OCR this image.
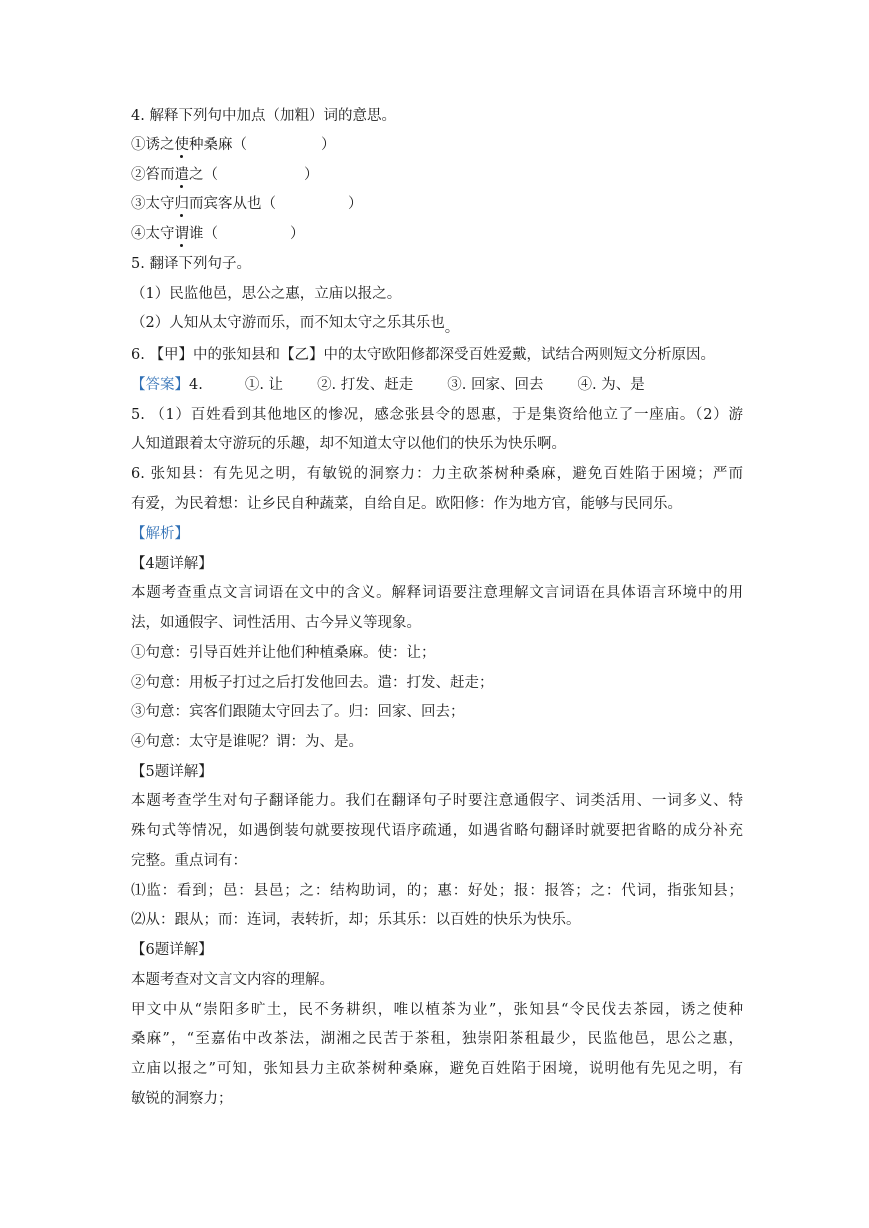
4. 解释下列句中加点（加粗）词的意思。
①诱之使种桑麻（	）
②笞而遣之（	）
③太守归而宾客从也（	）
④太守谓谁（	）
5. 翻译下列句子。
（1）民监他邑，思公之惠，立庙以报之。
（2）人知从太守游而乐，而不知太守之乐其乐也。
6. 【甲】中的张知县和【乙】中的太守欧阳修都深受百姓爱戴，试结合两则短文分析原因。
【答案】4.	①. 让 ②. 打发、赶走 ③. 回家、回去 ④. 为、是
5. （1）百姓看到其他地区的惨况，感念张县令的恩惠，于是集资给他立了一座庙。（2）游
人知道跟着太守游玩的乐趣，却不知道太守以他们的快乐为快乐啊。
6. 张知县：有先见之明，有敏锐的洞察力：力主砍茶树种桑麻，避免百姓陷于困境；严而
有爱，为民着想：让乡民自种蔬菜，自给自足。欧阳修：作为地方官，能够与民同乐。
【解析】
【4题详解】
本题考查重点文言词语在文中的含义。解释词语要注意理解文言词语在具体语言环境中的用
法，如通假字、词性活用、古今异义等现象。
①句意：引导百姓并让他们种植桑麻。使：让；
②句意：用板子打过之后打发他回去。遣：打发、赶走；
③句意：宾客们跟随太守回去了。归：回家、回去；
④句意：太守是谁呢？谓：为、是。
【5题详解】
本题考查学生对句子翻译能力。我们在翻译句子时要注意通假字、词类活用、一词多义、特
殊句式等情况，如遇倒装句就要按现代语序疏通，如遇省略句翻译时就要把省略的成分补充
完整。重点词有：
⑴监：看到；邑：县邑；之：结构助词，的；惠：好处；报：报答；之：代词，指张知县；
⑵从：跟从；而：连词，表转折，却；乐其乐：以百姓的快乐为快乐。
【6题详解】
本题考查对文言文内容的理解。
甲文中从“崇阳多旷土，民不务耕织，唯以植茶为业”，张知县“令民伐去茶园，诱之使种
桑麻”，“至嘉佑中改茶法，湖湘之民苦于茶租，独崇阳茶租最少，民监他邑，思公之惠，
立庙以报之”可知，张知县力主砍茶树种桑麻，避免百姓陷于困境，说明他有先见之明，有
敏锐的洞察力；
